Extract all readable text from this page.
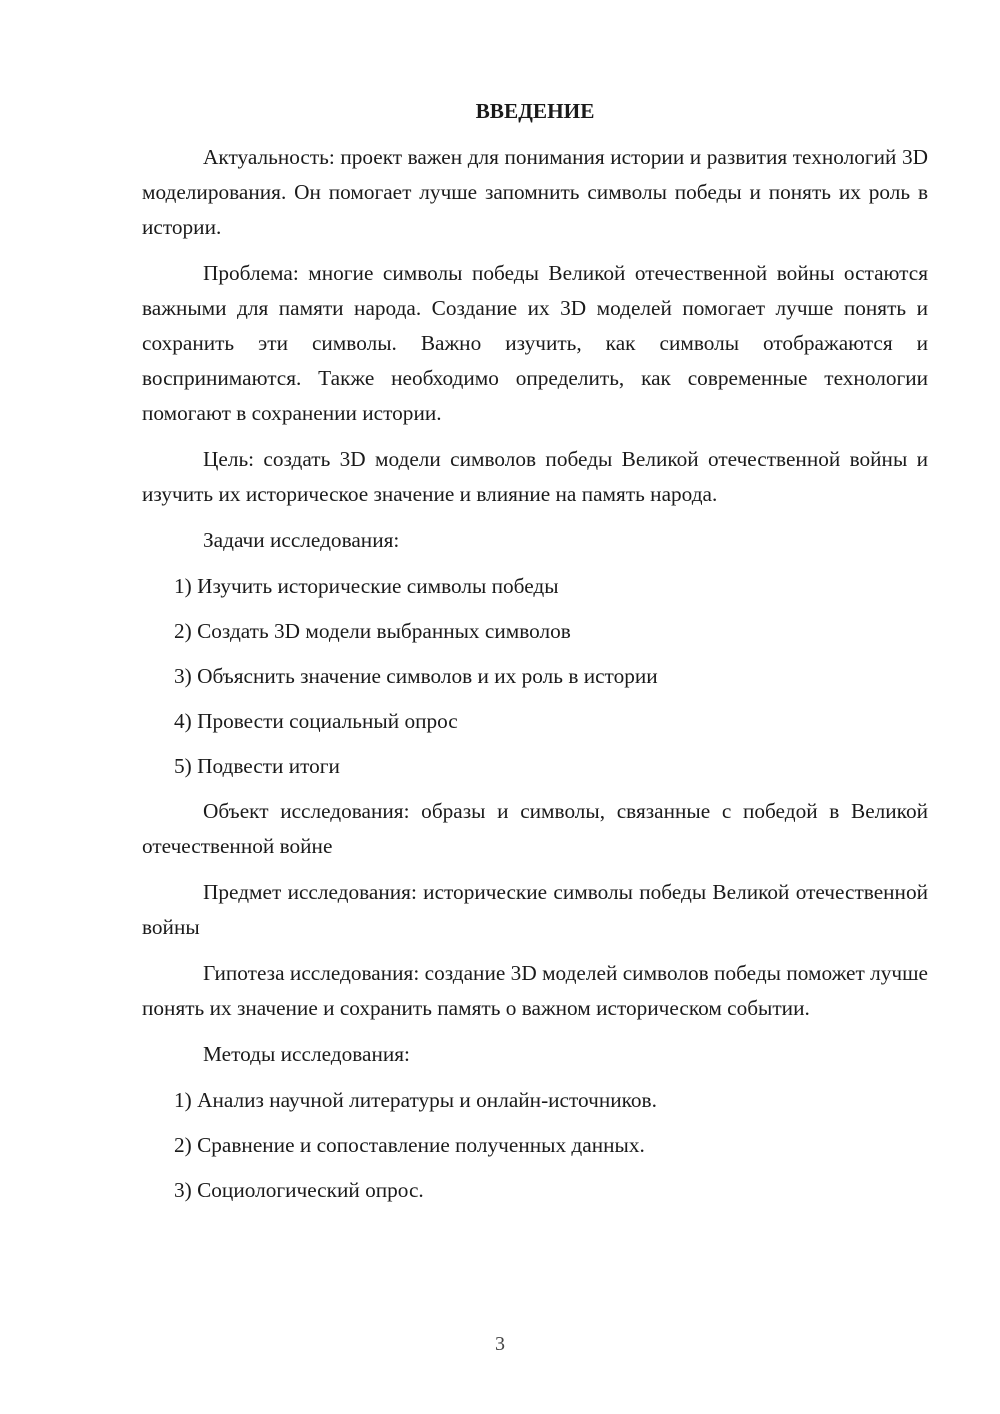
ВВЕДЕНИЕ

Актуальность: проект важен для понимания истории и развития технологий 3D моделирования. Он помогает лучше запомнить символы победы и понять их роль в истории.

Проблема: многие символы победы Великой отечественной войны остаются важными для памяти народа. Создание их 3D моделей помогает лучше понять и сохранить эти символы. Важно изучить, как символы отображаются и воспринимаются. Также необходимо определить, как современные технологии помогают в сохранении истории.

Цель: создать 3D модели символов победы Великой отечественной войны и изучить их историческое значение и влияние на память народа.

Задачи исследования:

1) Изучить исторические символы победы
2) Создать 3D модели выбранных символов
3) Объяснить значение символов и их роль в истории
4) Провести социальный опрос
5) Подвести итоги

Объект исследования: образы и символы, связанные с победой в Великой отечественной войне

Предмет исследования: исторические символы победы Великой отечественной войны

Гипотеза исследования: создание 3D моделей символов победы поможет лучше понять их значение и сохранить память о важном историческом событии.

Методы исследования:

1) Анализ научной литературы и онлайн-источников.
2) Сравнение и сопоставление полученных данных.
3) Социологический опрос.
3
